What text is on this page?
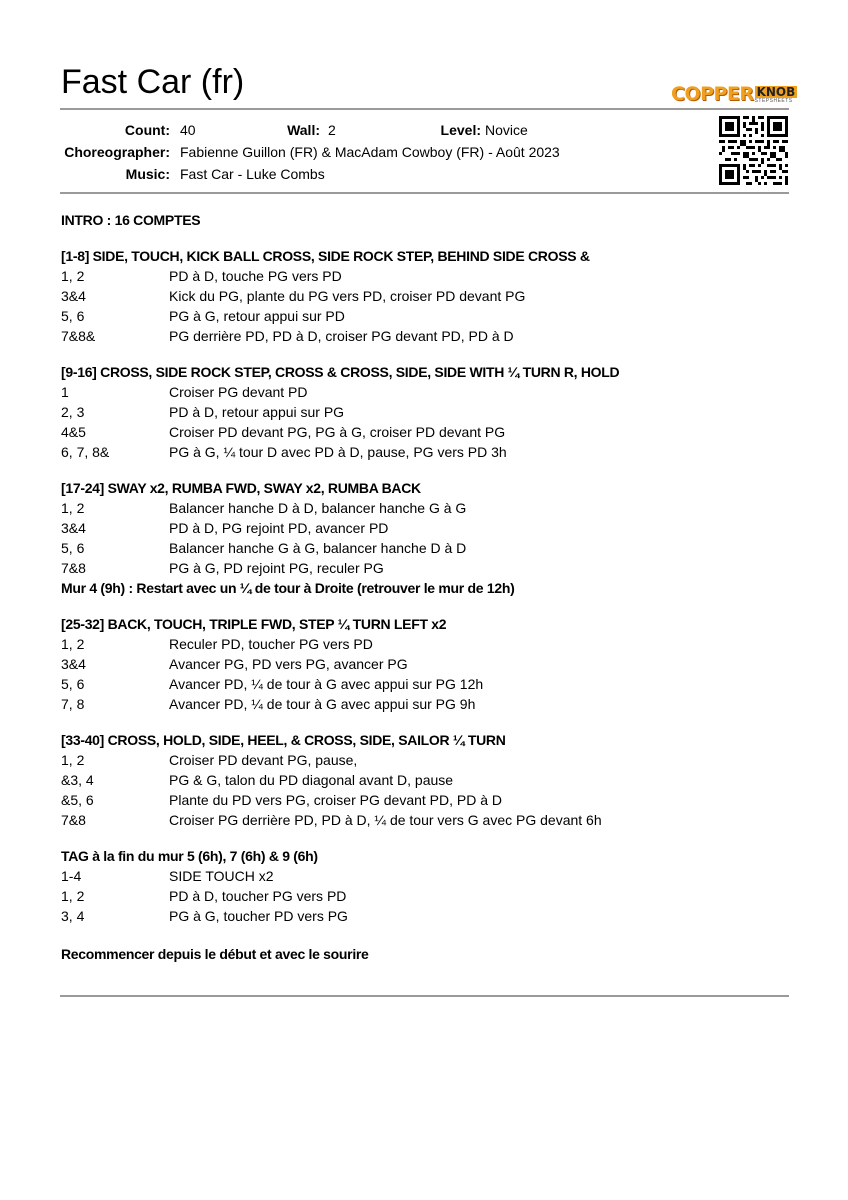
Fast Car (fr)	COPPER KNOB
STEPSHEETS
Count: 40	Wall: 2	Level: Novice
Choreographer: Fabienne Guillon (FR) & MacAdam Cowboy (FR) - Août 2023
Music: Fast Car - Luke Combs
INTRO : 16 COMPTES
[1-8] SIDE, TOUCH, KICK BALL CROSS, SIDE ROCK STEP, BEHIND SIDE CROSS &
1, 2	PD à D, touche PG vers PD
3&4	Kick du PG, plante du PG vers PD, croiser PD devant PG
5, 6	PG à G, retour appui sur PD
7&8&	PG derrière PD, PD à D, croiser PG devant PD, PD à D
[9-16] CROSS, SIDE ROCK STEP, CROSS & CROSS, SIDE, SIDE WITH ¼ TURN R, HOLD
1	Croiser PG devant PD
2, 3	PD à D, retour appui sur PG
4&5	Croiser PD devant PG, PG à G, croiser PD devant PG
6, 7, 8&	PG à G, ¼ tour D avec PD à D, pause, PG vers PD 3h
[17-24] SWAY x2, RUMBA FWD, SWAY x2, RUMBA BACK
1, 2	Balancer hanche D à D, balancer hanche G à G
3&4	PD à D, PG rejoint PD, avancer PD
5, 6	Balancer hanche G à G, balancer hanche D à D
7&8	PG à G, PD rejoint PG, reculer PG
Mur 4 (9h) : Restart avec un ¼ de tour à Droite (retrouver le mur de 12h)
[25-32] BACK, TOUCH, TRIPLE FWD, STEP ¼ TURN LEFT x2
1, 2	Reculer PD, toucher PG vers PD
3&4	Avancer PG, PD vers PG, avancer PG
5, 6	Avancer PD, ¼ de tour à G avec appui sur PG 12h
7, 8	Avancer PD, ¼ de tour à G avec appui sur PG 9h
[33-40] CROSS, HOLD, SIDE, HEEL, & CROSS, SIDE, SAILOR ¼ TURN
1, 2	Croiser PD devant PG, pause,
&3, 4	PG & G, talon du PD diagonal avant D, pause
&5, 6	Plante du PD vers PG, croiser PG devant PD, PD à D
7&8	Croiser PG derrière PD, PD à D, ¼ de tour vers G avec PG devant 6h
TAG à la fin du mur 5 (6h), 7 (6h) & 9 (6h)
1-4	SIDE TOUCH x2
1, 2	PD à D, toucher PG vers PD
3, 4	PG à G, toucher PD vers PG
Recommencer depuis le début et avec le sourire
